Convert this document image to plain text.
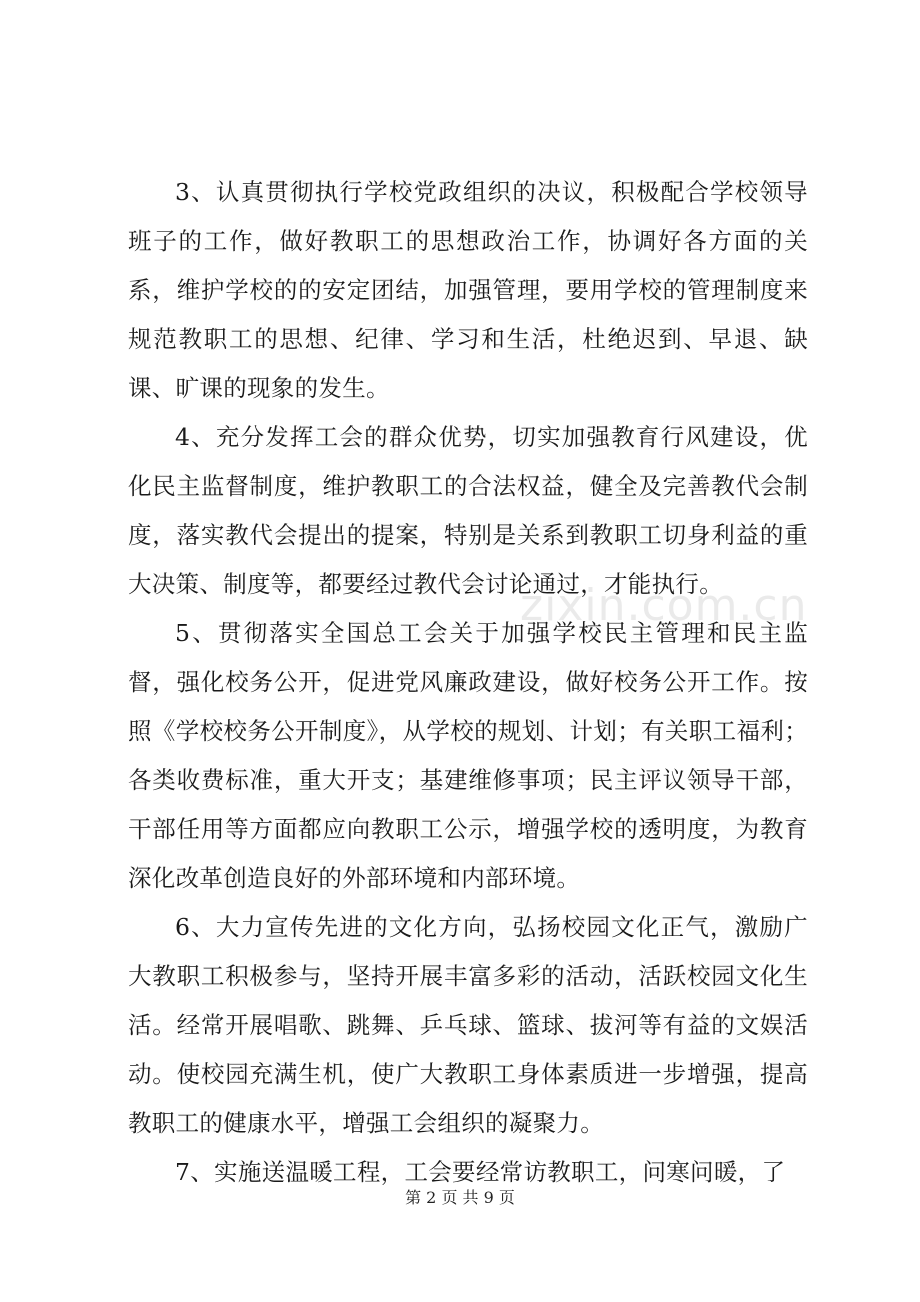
3、认真贯彻执行学校党政组织的决议，积极配合学校领导班子的工作，做好教职工的思想政治工作，协调好各方面的关系，维护学校的的安定团结，加强管理，要用学校的管理制度来规范教职工的思想、纪律、学习和生活，杜绝迟到、早退、缺课、旷课的现象的发生。

4、充分发挥工会的群众优势，切实加强教育行风建设，优化民主监督制度，维护教职工的合法权益，健全及完善教代会制度，落实教代会提出的提案，特别是关系到教职工切身利益的重大决策、制度等，都要经过教代会讨论通过，才能执行。

5、贯彻落实全国总工会关于加强学校民主管理和民主监督，强化校务公开，促进党风廉政建设，做好校务公开工作。按照《学校校务公开制度》，从学校的规划、计划；有关职工福利；各类收费标准，重大开支；基建维修事项；民主评议领导干部，干部任用等方面都应向教职工公示，增强学校的透明度，为教育深化改革创造良好的外部环境和内部环境。

6、大力宣传先进的文化方向，弘扬校园文化正气，激励广大教职工积极参与，坚持开展丰富多彩的活动，活跃校园文化生活。经常开展唱歌、跳舞、乒乓球、篮球、拔河等有益的文娱活动。使校园充满生机，使广大教职工身体素质进一步增强，提高教职工的健康水平，增强工会组织的凝聚力。

7、实施送温暖工程，工会要经常访教职工，问寒问暖，了

zixin.com.cn
第 2 页 共 9 页
